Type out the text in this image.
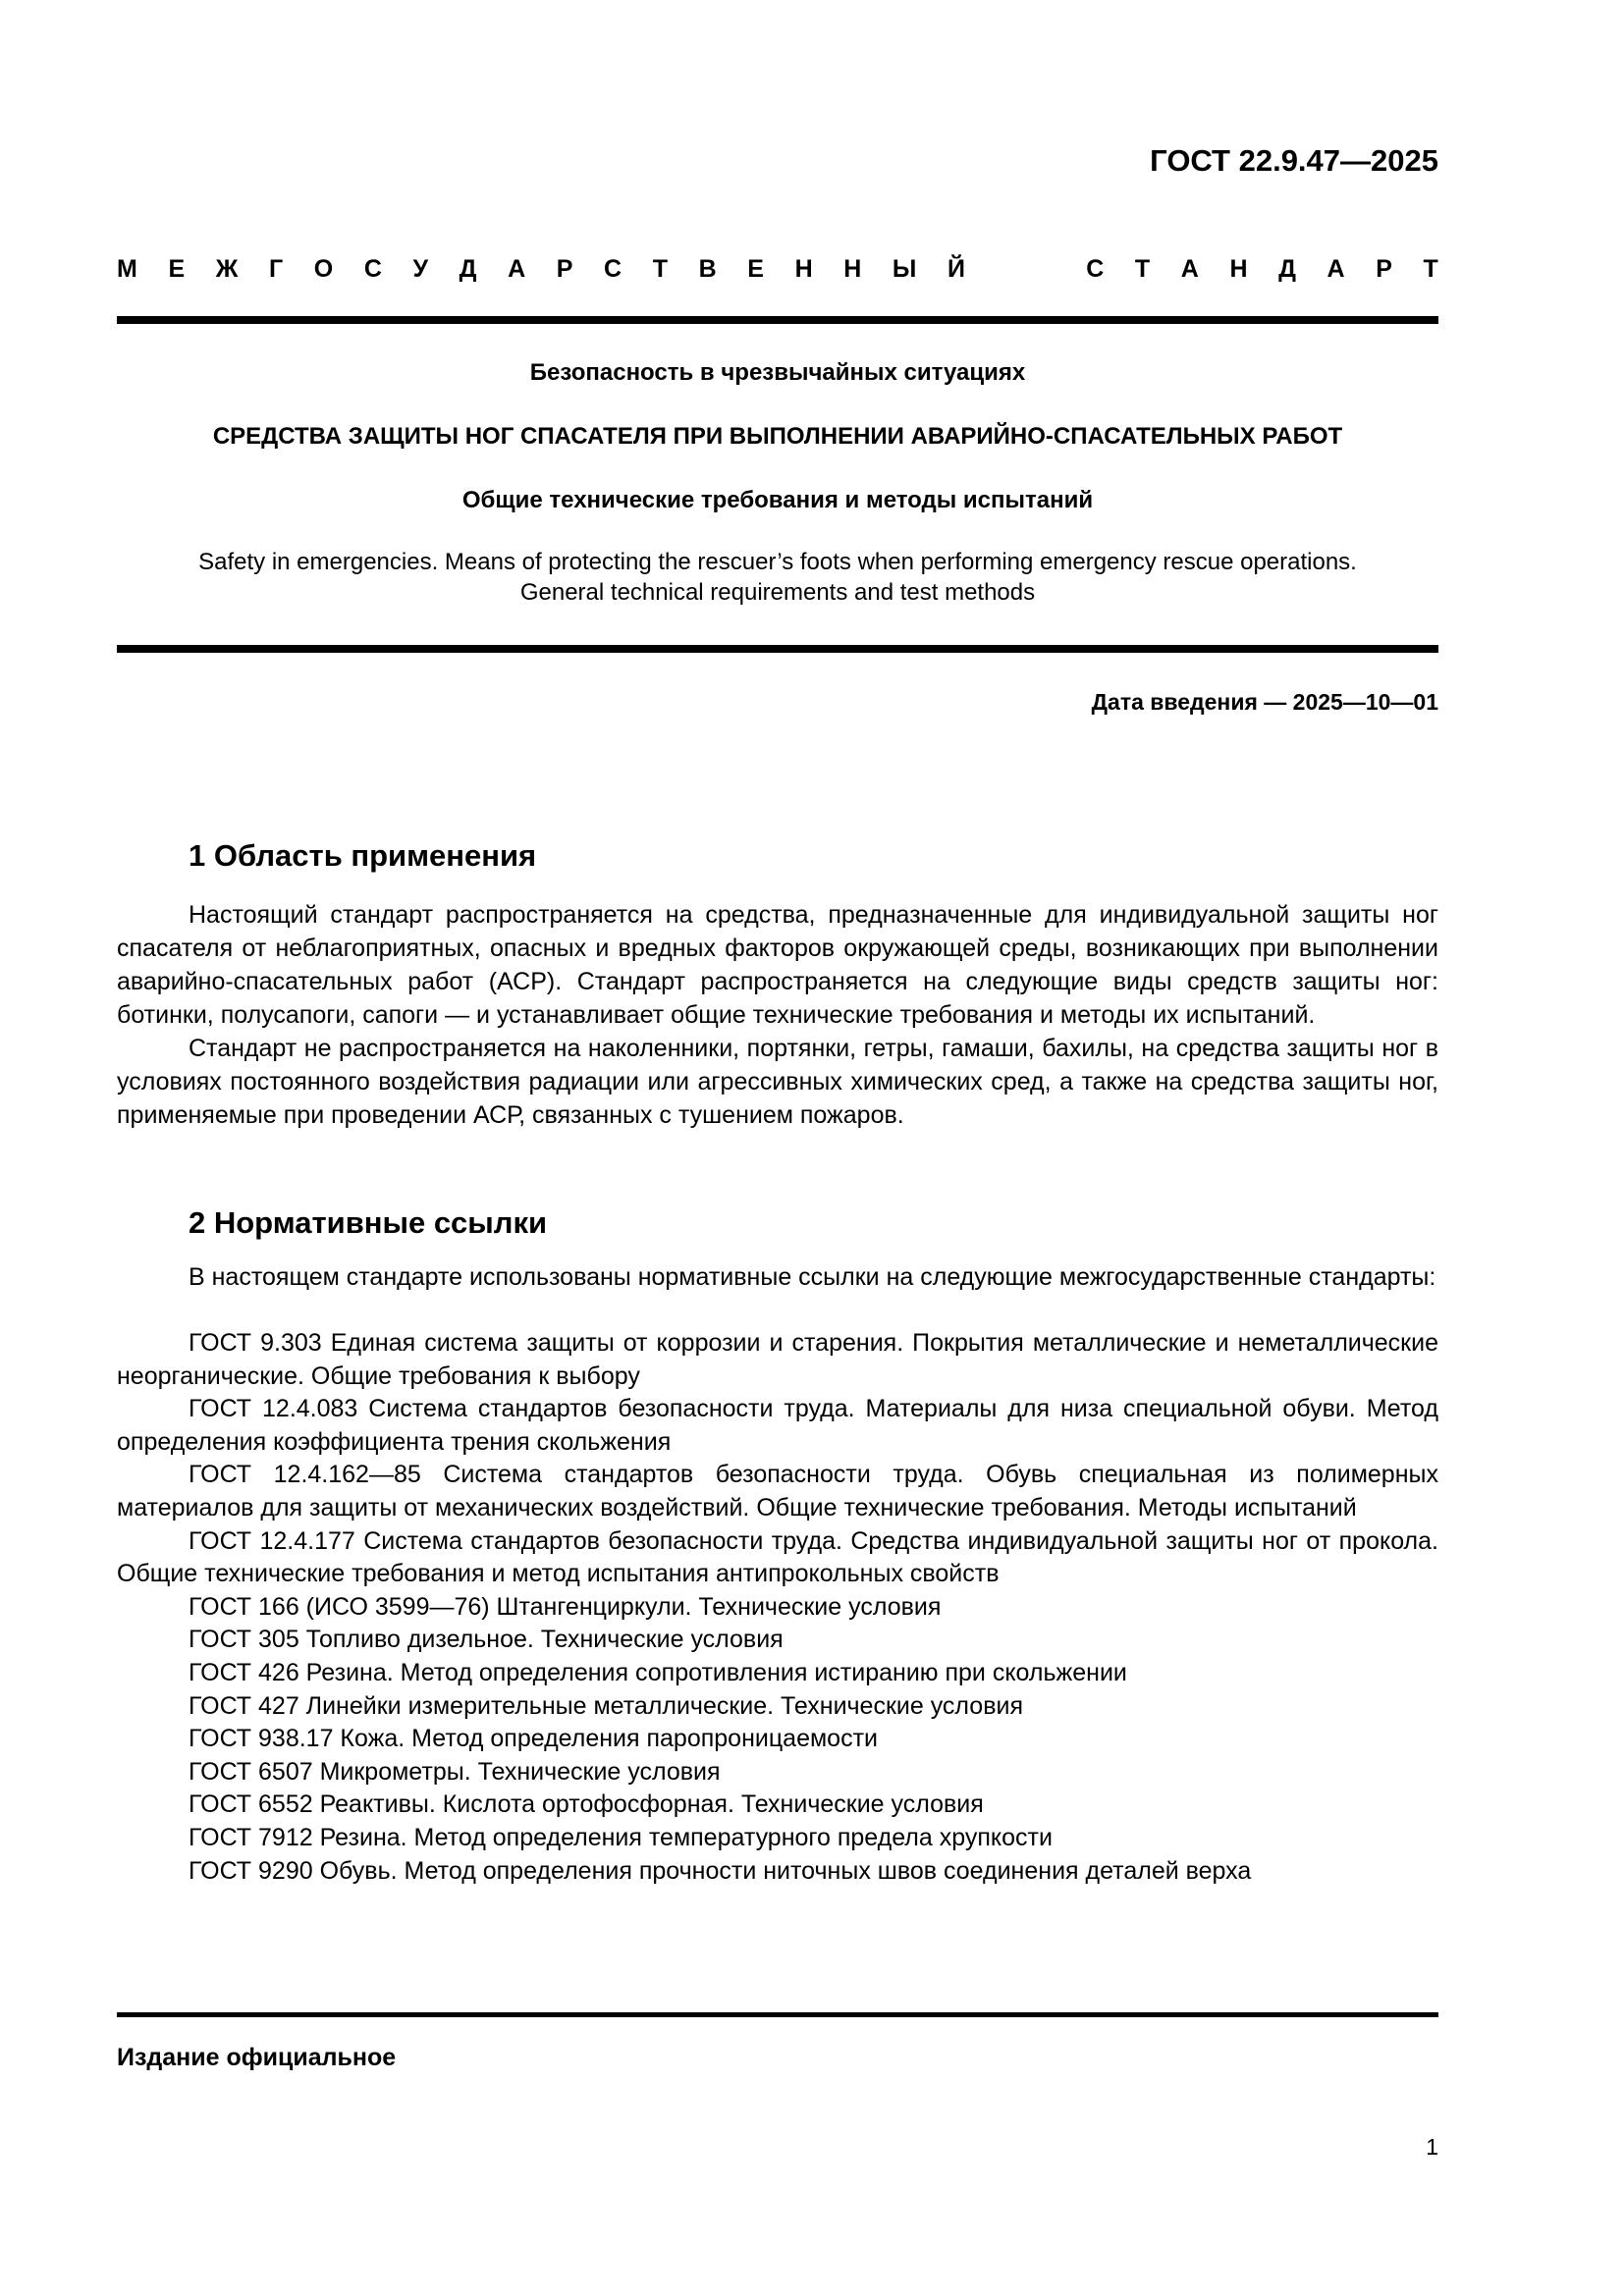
ГОСТ 22.9.47—2025
М Е Ж Г О С У Д А Р С Т В Е Н Н Ы Й	С Т А Н Д А Р Т
Безопасность в чрезвычайных ситуациях
СРЕДСТВА ЗАЩИТЫ НОГ СПАСАТЕЛЯ ПРИ ВЫПОЛНЕНИИ АВАРИЙНО-СПАСАТЕЛЬНЫХ РАБОТ
Общие технические требования и методы испытаний
Safety in emergencies. Means of protecting the rescuer’s foots when performing emergency rescue operations.
General technical requirements and test methods
Дата введения — 2025—10—01
1 Область применения

Настоящий стандарт распространяется на средства, предназначенные для индивидуальной защиты ног спасателя от неблагоприятных, опасных и вредных факторов окружающей среды, возникающих при выполнении аварийно-спасательных работ (АСР). Стандарт распространяется на следующие виды средств защиты ног: ботинки, полусапоги, сапоги — и устанавливает общие технические требования и методы их испытаний.

Стандарт не распространяется на наколенники, портянки, гетры, гамаши, бахилы, на средства защиты ног в условиях постоянного воздействия радиации или агрессивных химических сред, а также на средства защиты ног, применяемые при проведении АСР, связанных с тушением пожаров.

2 Нормативные ссылки

В настоящем стандарте использованы нормативные ссылки на следующие межгосударственные стандарты:

ГОСТ 9.303 Единая система защиты от коррозии и старения. Покрытия металлические и неметаллические неорганические. Общие требования к выбору

ГОСТ 12.4.083 Система стандартов безопасности труда. Материалы для низа специальной обуви. Метод определения коэффициента трения скольжения

ГОСТ 12.4.162—85 Система стандартов безопасности труда. Обувь специальная из полимерных материалов для защиты от механических воздействий. Общие технические требования. Методы испытаний

ГОСТ 12.4.177 Система стандартов безопасности труда. Средства индивидуальной защиты ног от прокола. Общие технические требования и метод испытания антипрокольных свойств

ГОСТ 166 (ИСО 3599—76) Штангенциркули. Технические условия

ГОСТ 305 Топливо дизельное. Технические условия

ГОСТ 426 Резина. Метод определения сопротивления истиранию при скольжении

ГОСТ 427 Линейки измерительные металлические. Технические условия

ГОСТ 938.17 Кожа. Метод определения паропроницаемости

ГОСТ 6507 Микрометры. Технические условия

ГОСТ 6552 Реактивы. Кислота ортофосфорная. Технические условия

ГОСТ 7912 Резина. Метод определения температурного предела хрупкости

ГОСТ 9290 Обувь. Метод определения прочности ниточных швов соединения деталей верха

Издание официальное
1
